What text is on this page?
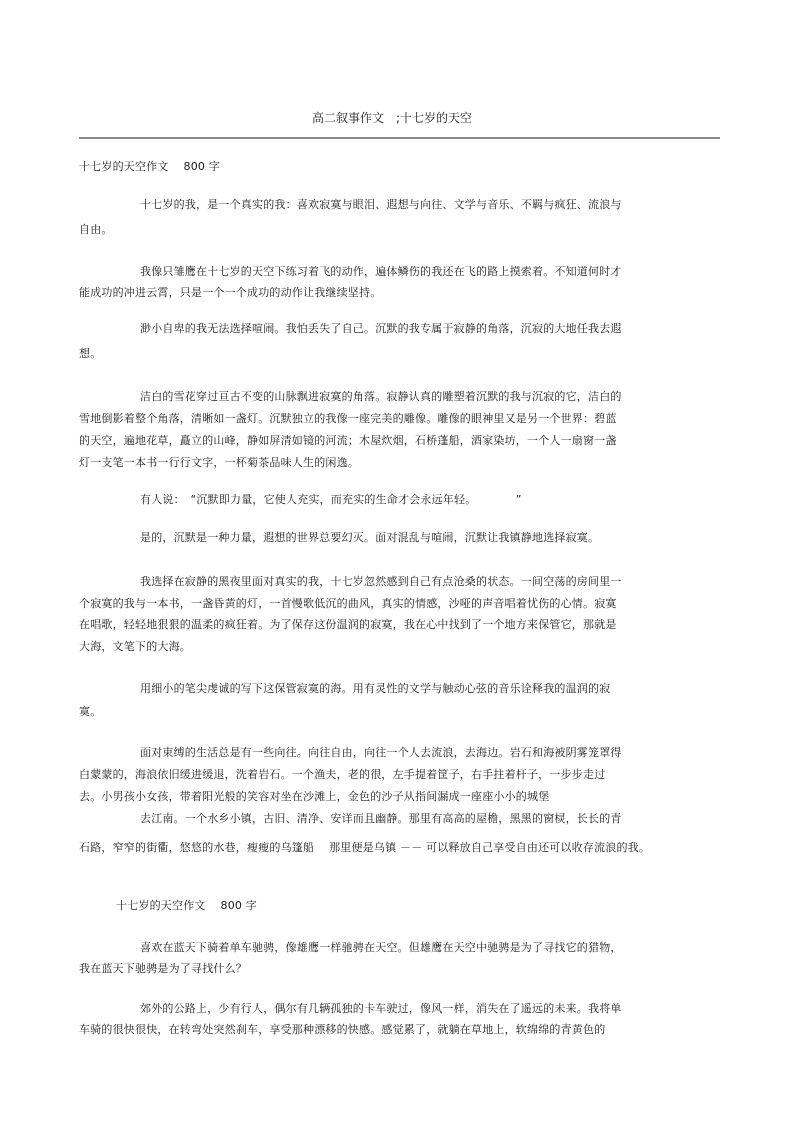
高二叙事作文　;十七岁的天空
十七岁的天空作文　 800 字
十七岁的我，是一个真实的我：喜欢寂寞与眼泪、遐想与向往、文学与音乐、不羁与疯狂、流浪与
自由。
我像只雏鹰在十七岁的天空下练习着飞的动作，遍体鳞伤的我还在飞的路上摸索着。不知道何时才
能成功的冲进云霄，只是一个一个成功的动作让我继续坚持。
渺小自卑的我无法选择喧闹。我怕丢失了自己。沉默的我专属于寂静的角落，沉寂的大地任我去遐
想。
洁白的雪花穿过亘古不变的山脉飘进寂寞的角落。寂静认真的雕塑着沉默的我与沉寂的它，洁白的
雪地倒影着整个角落，清晰如一盏灯。沉默独立的我像一座完美的雕像。雕像的眼神里又是另一个世界：碧蓝
的天空，遍地花草，矗立的山峰，静如屏清如镜的河流；木屋炊烟，石桥蓬船，酒家染坊，一个人一扇窗一盏
灯一支笔一本书一行行文字，一杯菊茶品味人生的闲逸。
有人说：　“沉默即力量，它使人充实，而充实的生命才会永远年轻。　　　　”
是的，沉默是一种力量，遐想的世界总要幻灭。面对混乱与喧闹，沉默让我镇静地选择寂寞。
我选择在寂静的黑夜里面对真实的我，十七岁忽然感到自己有点沧桑的状态。一间空荡的房间里一
个寂寞的我与一本书，一盏昏黄的灯，一首慢歌低沉的曲风，真实的情感，沙哑的声音唱着忧伤的心情。寂寞
在唱歌，轻轻地狠狠的温柔的疯狂着。为了保存这份温润的寂寞，我在心中找到了一个地方来保管它，那就是
大海，文笔下的大海。
用细小的笔尖虔诚的写下这保管寂寞的海。用有灵性的文学与触动心弦的音乐诠释我的温润的寂
寞。
面对束缚的生活总是有一些向往。向往自由，向往一个人去流浪，去海边。岩石和海被阴雾笼罩得
白蒙蒙的，海浪依旧缓进缓退，洗着岩石。一个渔夫，老的很，左手提着筐子，右手拄着杆子，一步步走过
去。小男孩小女孩，带着阳光般的笑容对坐在沙滩上，金色的沙子从指间漏成一座座小小的城堡
去江南。一个水乡小镇，古旧、清净、安详而且幽静。那里有高高的屋檐，黑黑的窗棂，长长的青
石路，窄窄的街衢，悠悠的水巷，瘦瘦的乌篷船　 那里便是乌镇 －－ 可以释放自己享受自由还可以收存流浪的我。
十七岁的天空作文　 800 字
喜欢在蓝天下骑着单车驰骋，像雄鹰一样驰骋在天空。但雄鹰在天空中驰骋是为了寻找它的猎物，
我在蓝天下驰骋是为了寻找什么？
郊外的公路上，少有行人，偶尔有几辆孤独的卡车驶过，像风一样，消失在了遥远的未来。我将单
车骑的很快很快，在转弯处突然刹车，享受那种漂移的快感。感觉累了，就躺在草地上，软绵绵的青黄色的
